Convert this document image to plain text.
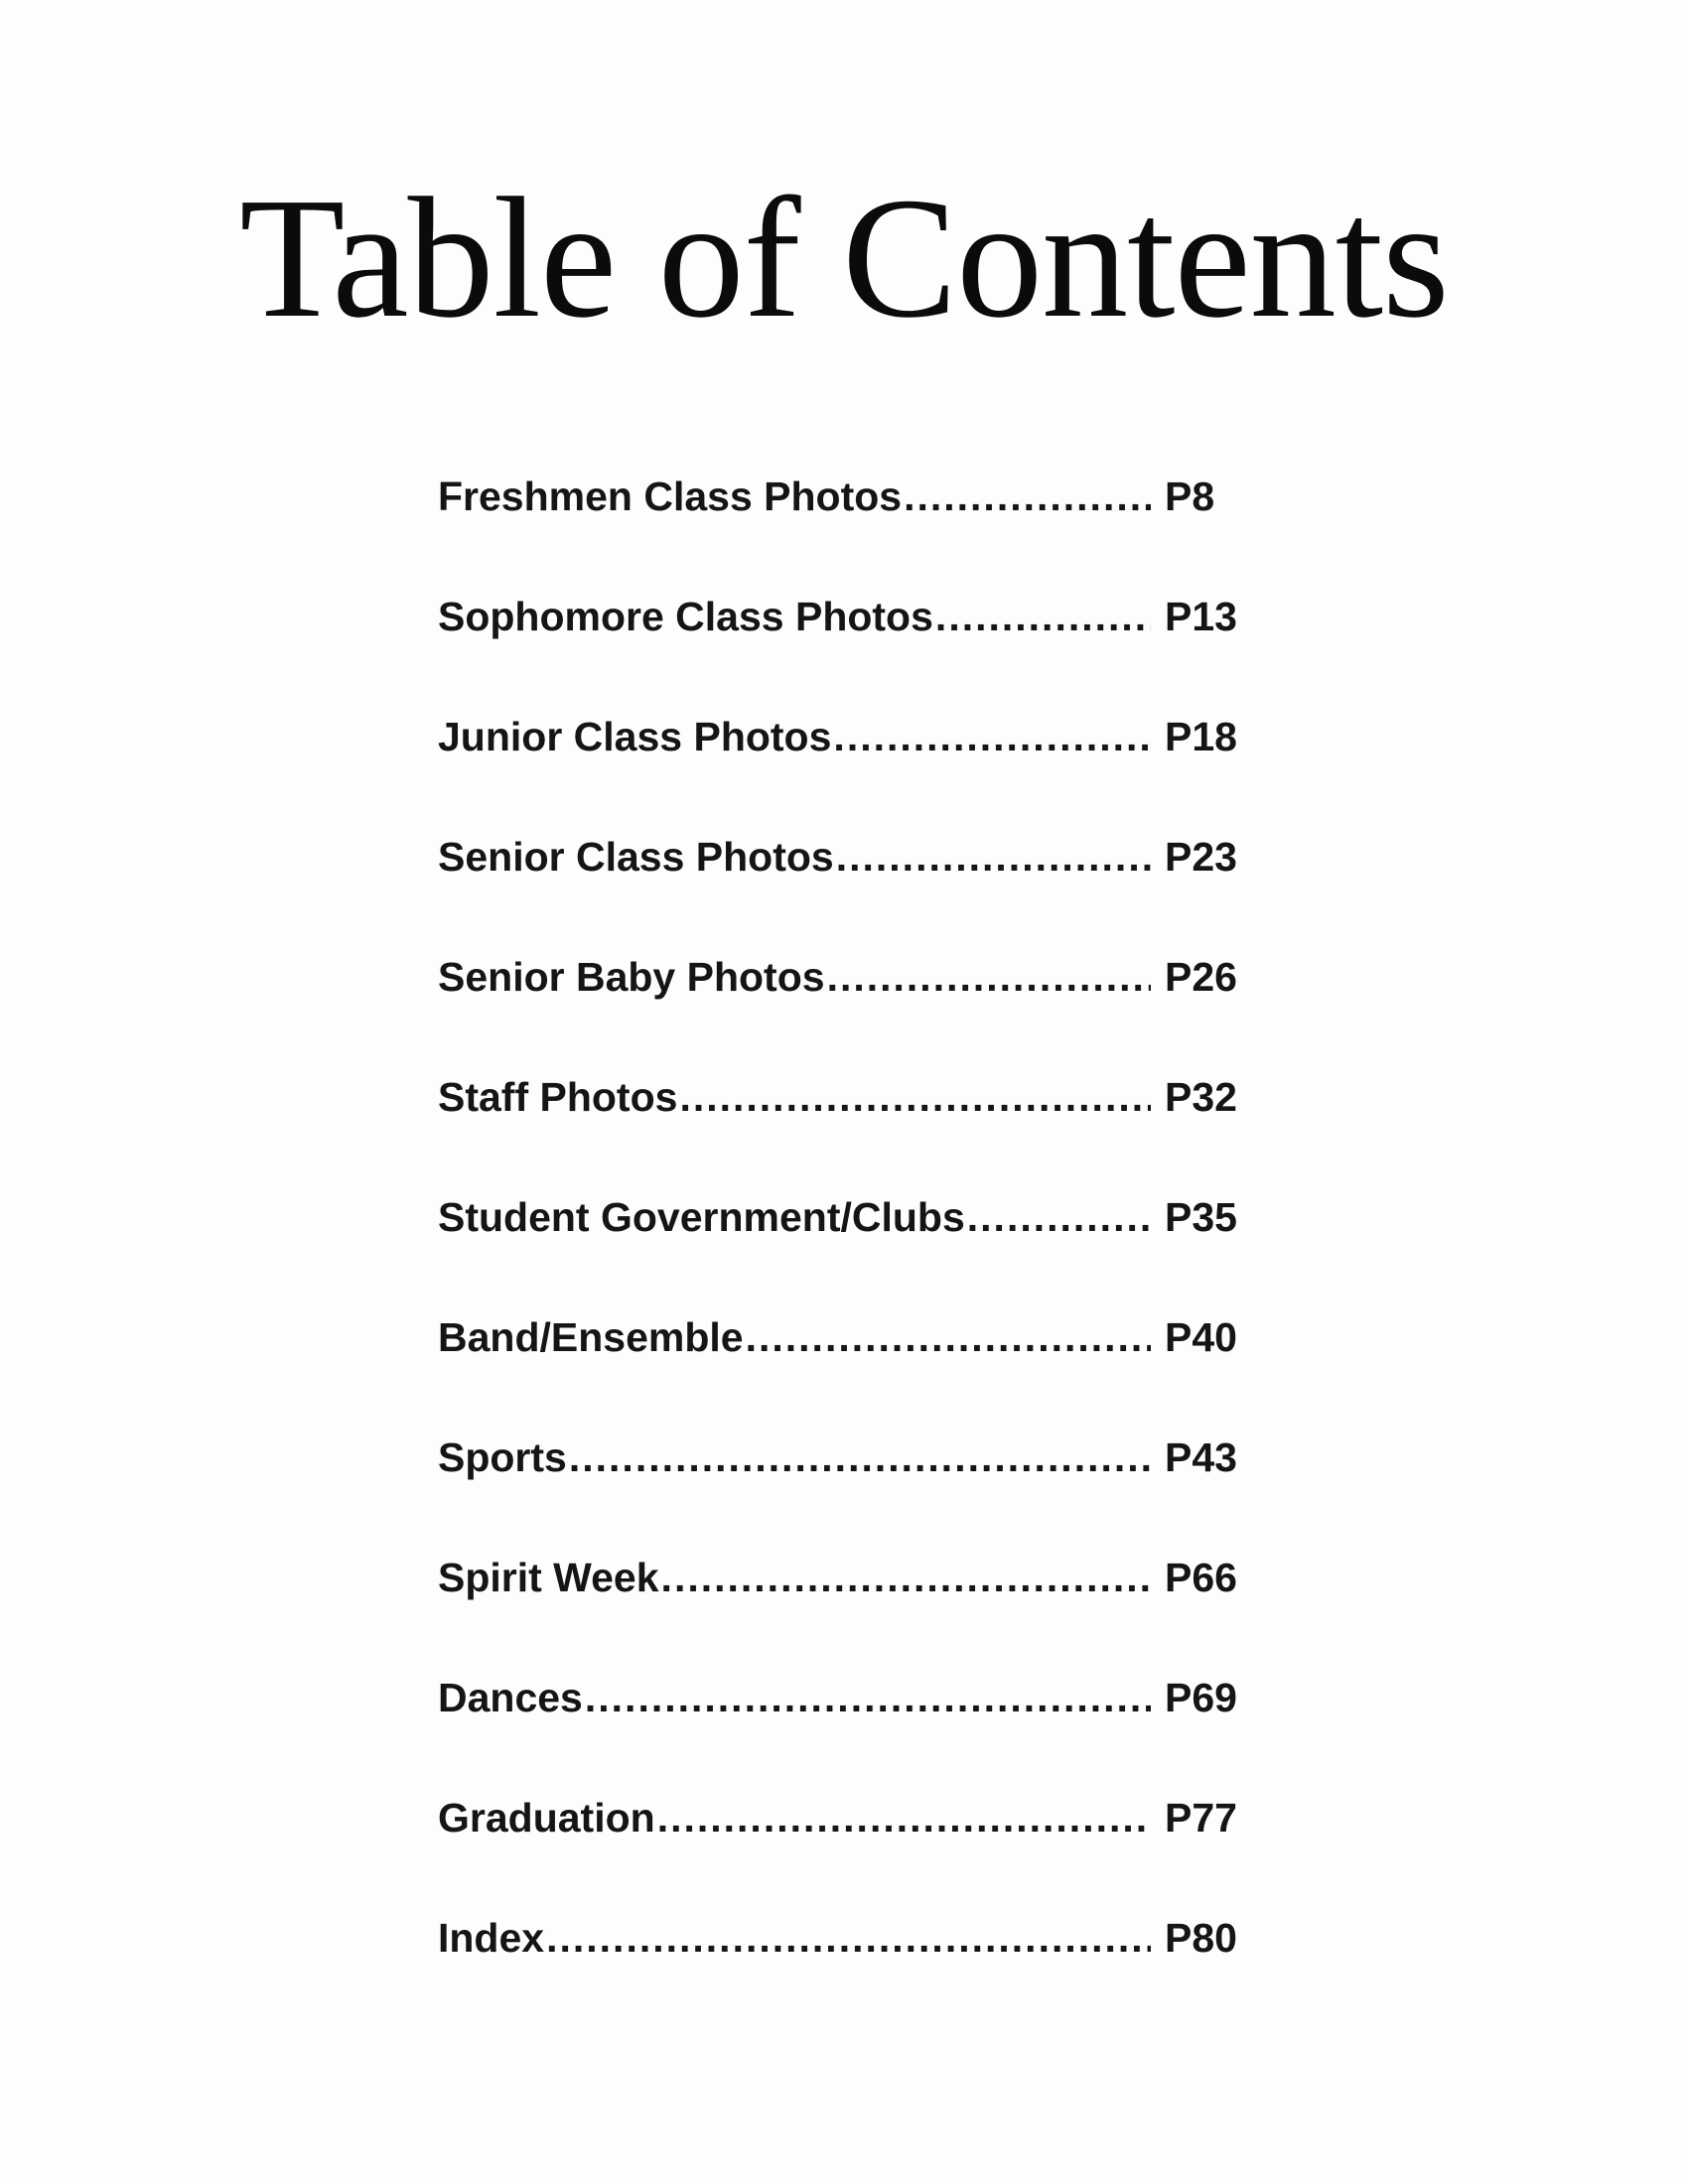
Table of Contents
Freshmen Class Photos .....	P8
Sophomore Class Photos .....	P13
Junior Class Photos .....	P18
Senior Class Photos .....	P23
Senior Baby Photos .....	P26
Staff Photos .....	P32
Student Government/Clubs .....	P35
Band/Ensemble .....	P40
Sports .....	P43
Spirit Week .....	P66
Dances .....	P69
Graduation .....	P77
Index .....	P80
